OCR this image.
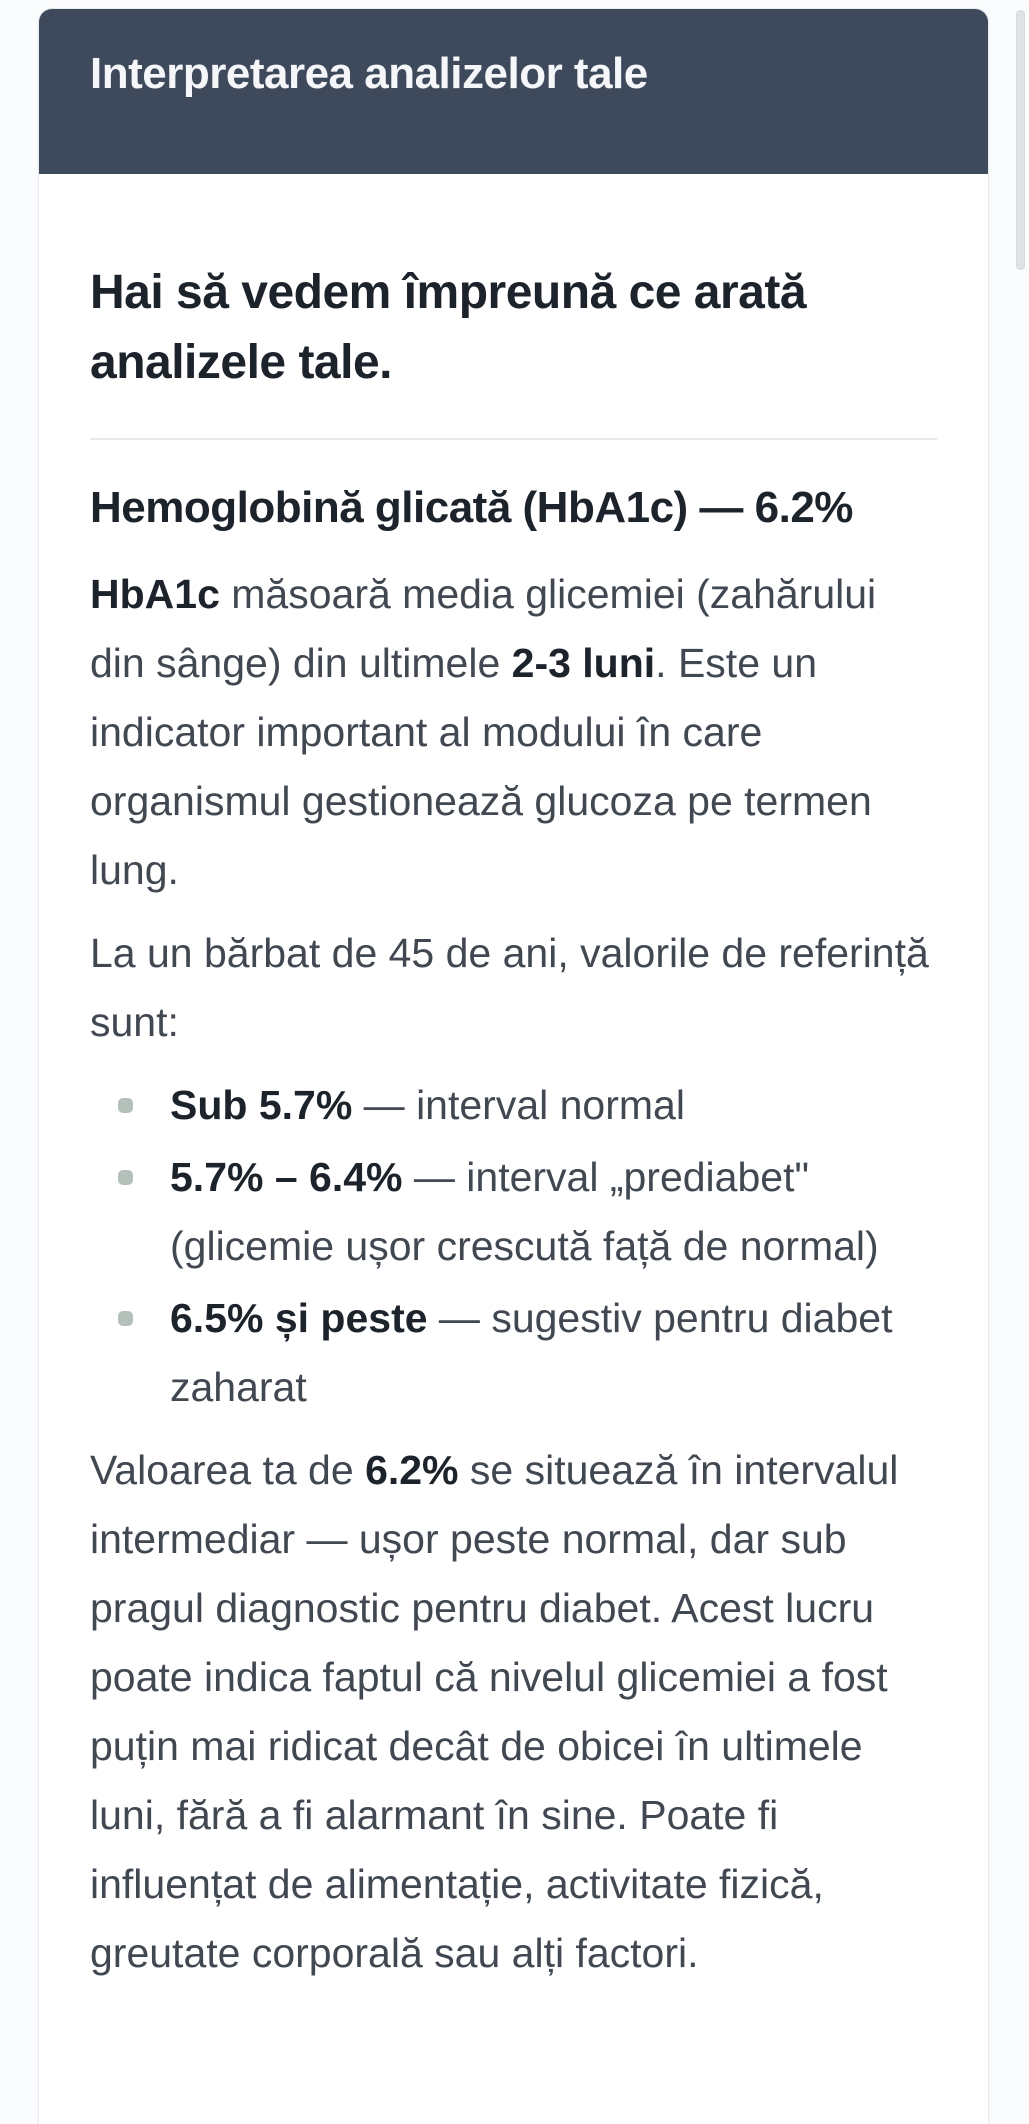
Interpretarea analizelor tale
Hai să vedem împreună ce arată analizele tale.
Hemoglobină glicată (HbA1c) — 6.2%

HbA1c măsoară media glicemiei (zahărului din sânge) din ultimele 2-3 luni. Este un indicator important al modului în care organismul gestionează glucoza pe termen lung.

La un bărbat de 45 de ani, valorile de referință sunt:

Sub 5.7% — interval normal
5.7% – 6.4% — interval „prediabet" (glicemie ușor crescută față de normal)
6.5% și peste — sugestiv pentru diabet zaharat

Valoarea ta de 6.2% se situează în intervalul intermediar — ușor peste normal, dar sub pragul diagnostic pentru diabet. Acest lucru poate indica faptul că nivelul glicemiei a fost puțin mai ridicat decât de obicei în ultimele luni, fără a fi alarmant în sine. Poate fi influențat de alimentație, activitate fizică, greutate corporală sau alți factori.
